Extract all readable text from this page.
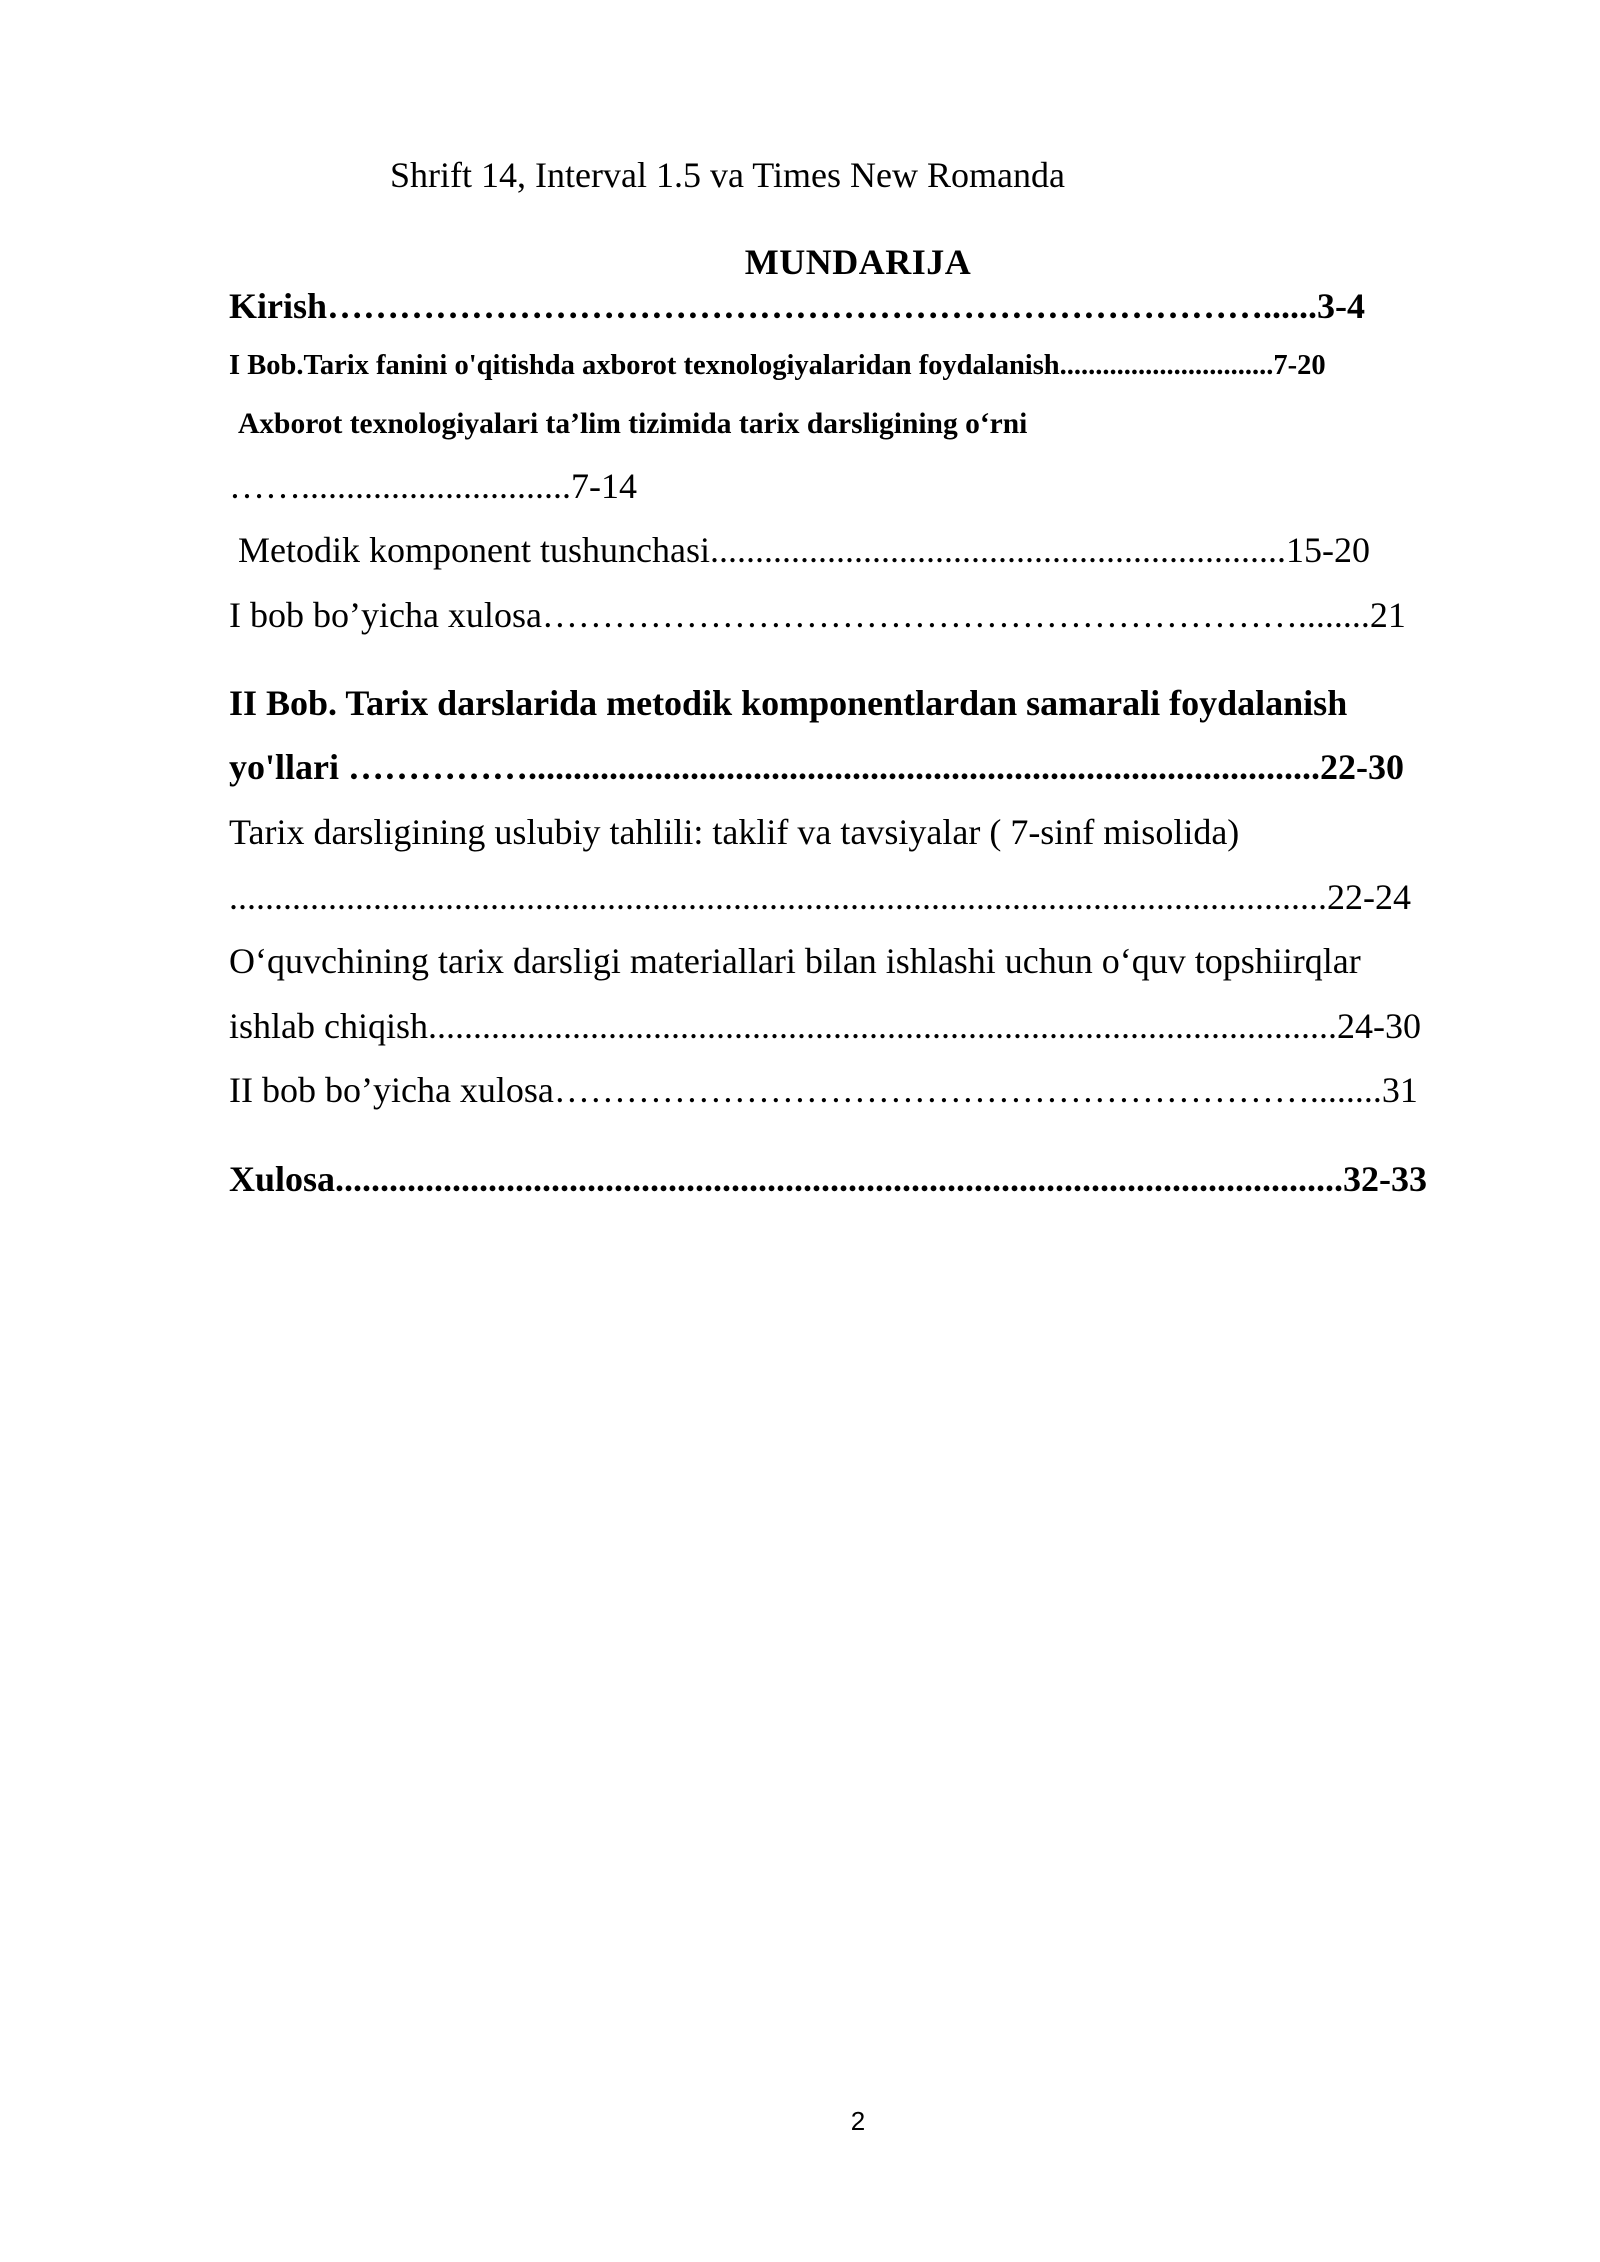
Shrift 14, Interval 1.5 va Times New Romanda
MUNDARIJA
Kirish……………………………………………………………………......3-4
I Bob.Tarix fanini o'qitishda axborot texnologiyalaridan foydalanish..............................7-20
Axborot texnologiyalari ta’lim tizimida tarix darsligining o‘rni
……..............................7-14
Metodik komponent tushunchasi................................................................15-20
I bob bo’yicha xulosa………………………………………………………........21
II Bob. Tarix darslarida metodik komponentlardan samarali foydalanish
yo'llari ……………........................................................................................22-30
Tarix darsligining uslubiy tahlili: taklif va tavsiyalar ( 7-sinf misolida)
..........................................................................................................................22-24
O‘quvchining tarix darsligi materiallari bilan ishlashi uchun o‘quv topshiirqlar
ishlab chiqish.....................................................................................................24-30
II bob bo’yicha xulosa………………………………………………………........31
Xulosa................................................................................................................32-33
2
